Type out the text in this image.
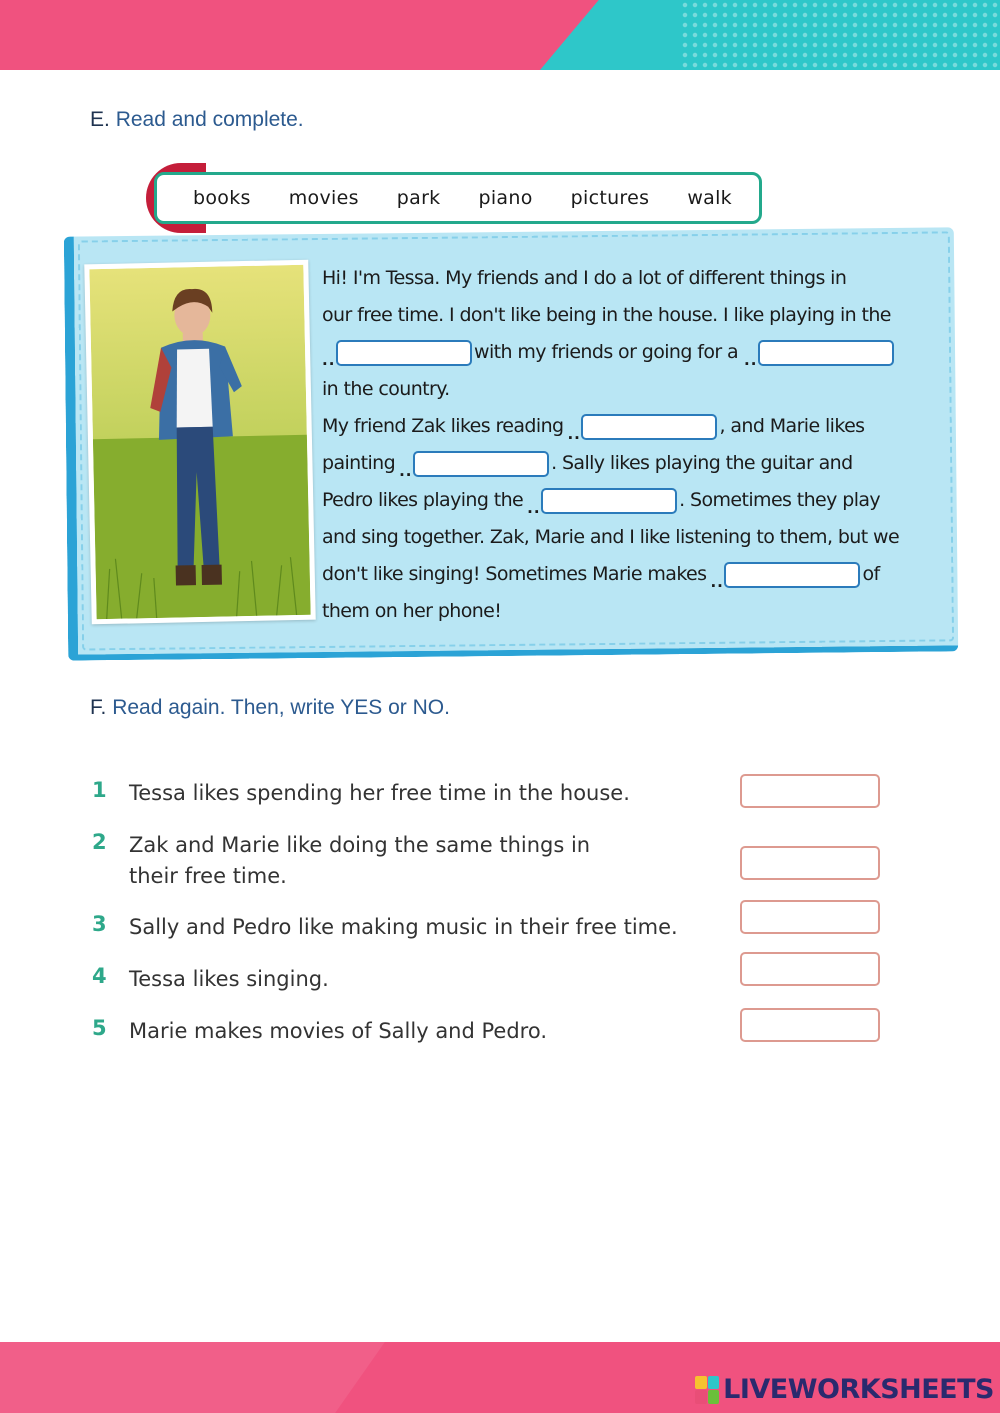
E. Read and complete.
books movies park piano pictures walk
Hi! I'm Tessa. My friends and I do a lot of different things in
our free time. I don't like being in the house. I like playing in the
..	with my friends or going for a ..
in the country.
My friend Zak likes reading ..	, and Marie likes
painting ..	. Sally likes playing the guitar and
Pedro likes playing the ..	. Sometimes they play
and sing together. Zak, Marie and I like listening to them, but we
don't like singing! Sometimes Marie makes ..	of
them on her phone!
F. Read again. Then, write YES or NO.
1 Tessa likes spending her free time in the house.
2 Zak and Marie like doing the same things in their free time.
3 Sally and Pedro like making music in their free time.
4 Tessa likes singing.
5 Marie makes movies of Sally and Pedro.
LIVEWORKSHEETS
